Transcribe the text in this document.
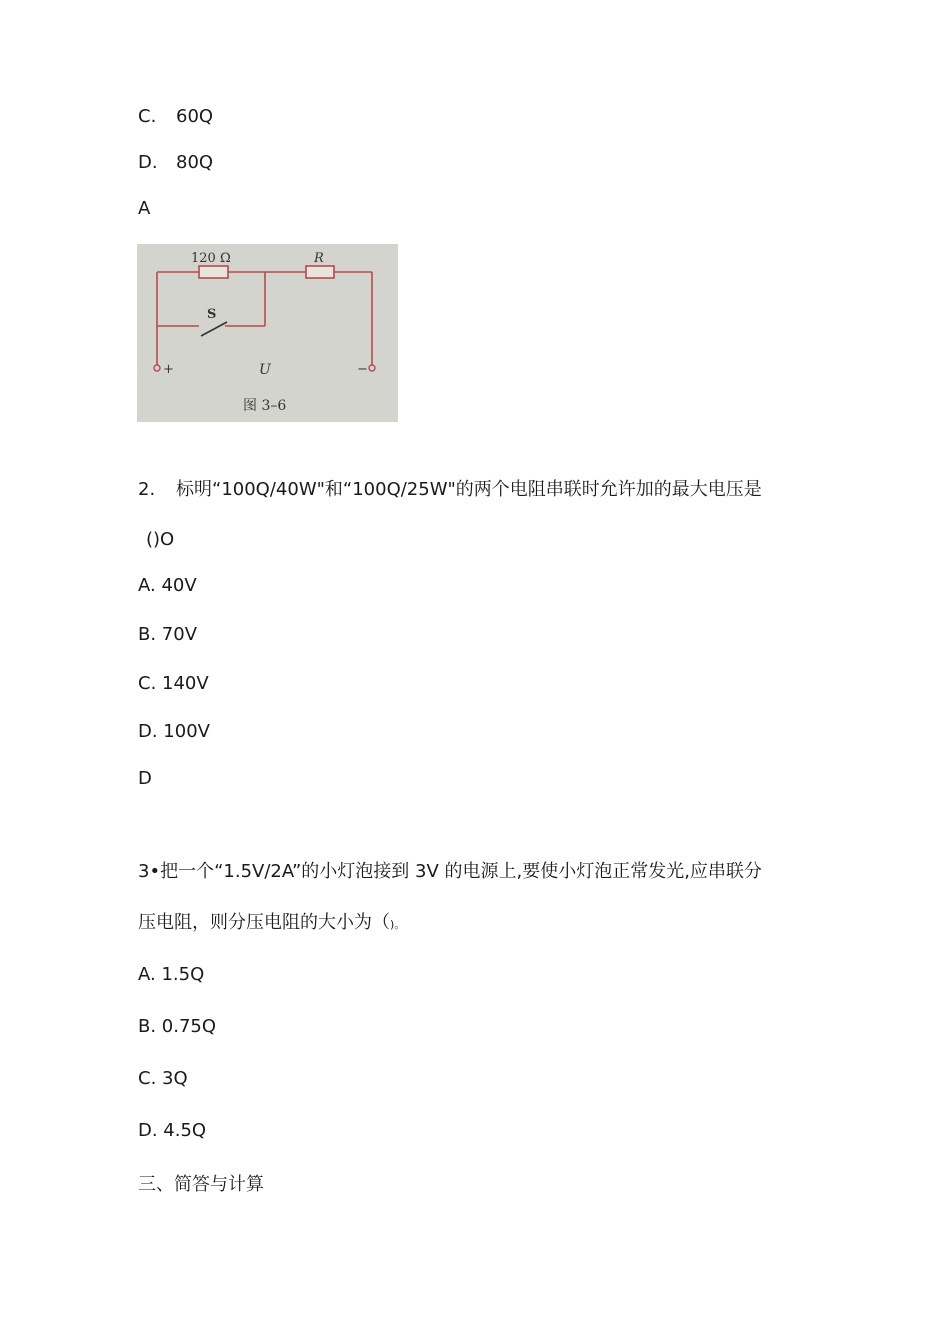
C. 60Q
D. 80Q
A
120 Ω	R
S
+	U	−
图 3–6
2. 标明“100Q/40W"和“100Q/25W"的两个电阻串联时允许加的最大电压是
()O
A. 40V
B. 70V
C. 140V
D. 100V
D
3•把一个“1.5V/2A”的小灯泡接到 3V 的电源上,要使小灯泡正常发光,应串联分
压电阻，则分压电阻的大小为（)。
A. 1.5Q
B. 0.75Q
C. 3Q
D. 4.5Q
三、简答与计算
